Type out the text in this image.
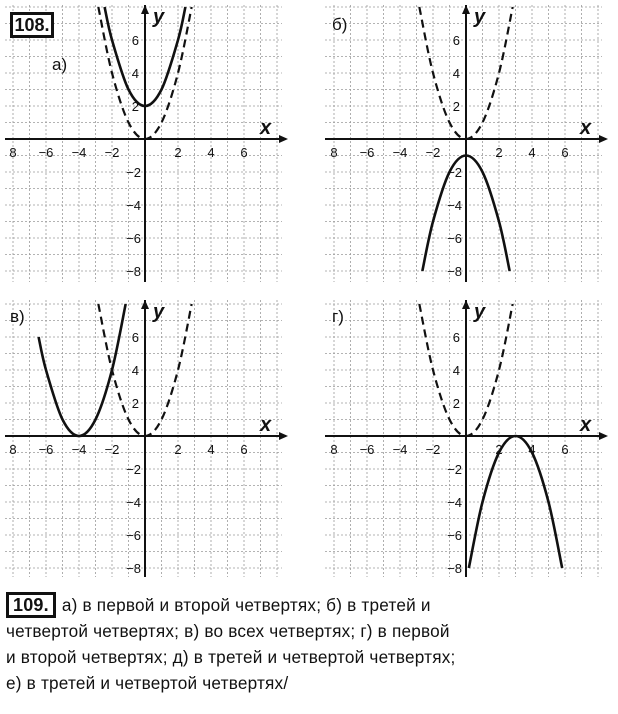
x
y
8 −6 −4 −2	2 4 6
6
4
2
−2
−4
−6
−8
а)
x
y
8 −6 −4 −2	2 4 6
6
4
2
−2
−4
−6
−8
б)
x
y
8 −6 −4 −2	2 4 6
6
4
2
−2
−4
−6
−8
в)
x
y
8 −6 −4 −2	2 4 6
6
4
2
−2
−4
−6
−8
г)
108.
109. а) в первой и второй четвертях; б) в третей и
четвертой четвертях; в) во всех четвертях; г) в первой
и второй четвертях; д) в третей и четвертой четвертях;
е) в третей и четвертой четвертях/
